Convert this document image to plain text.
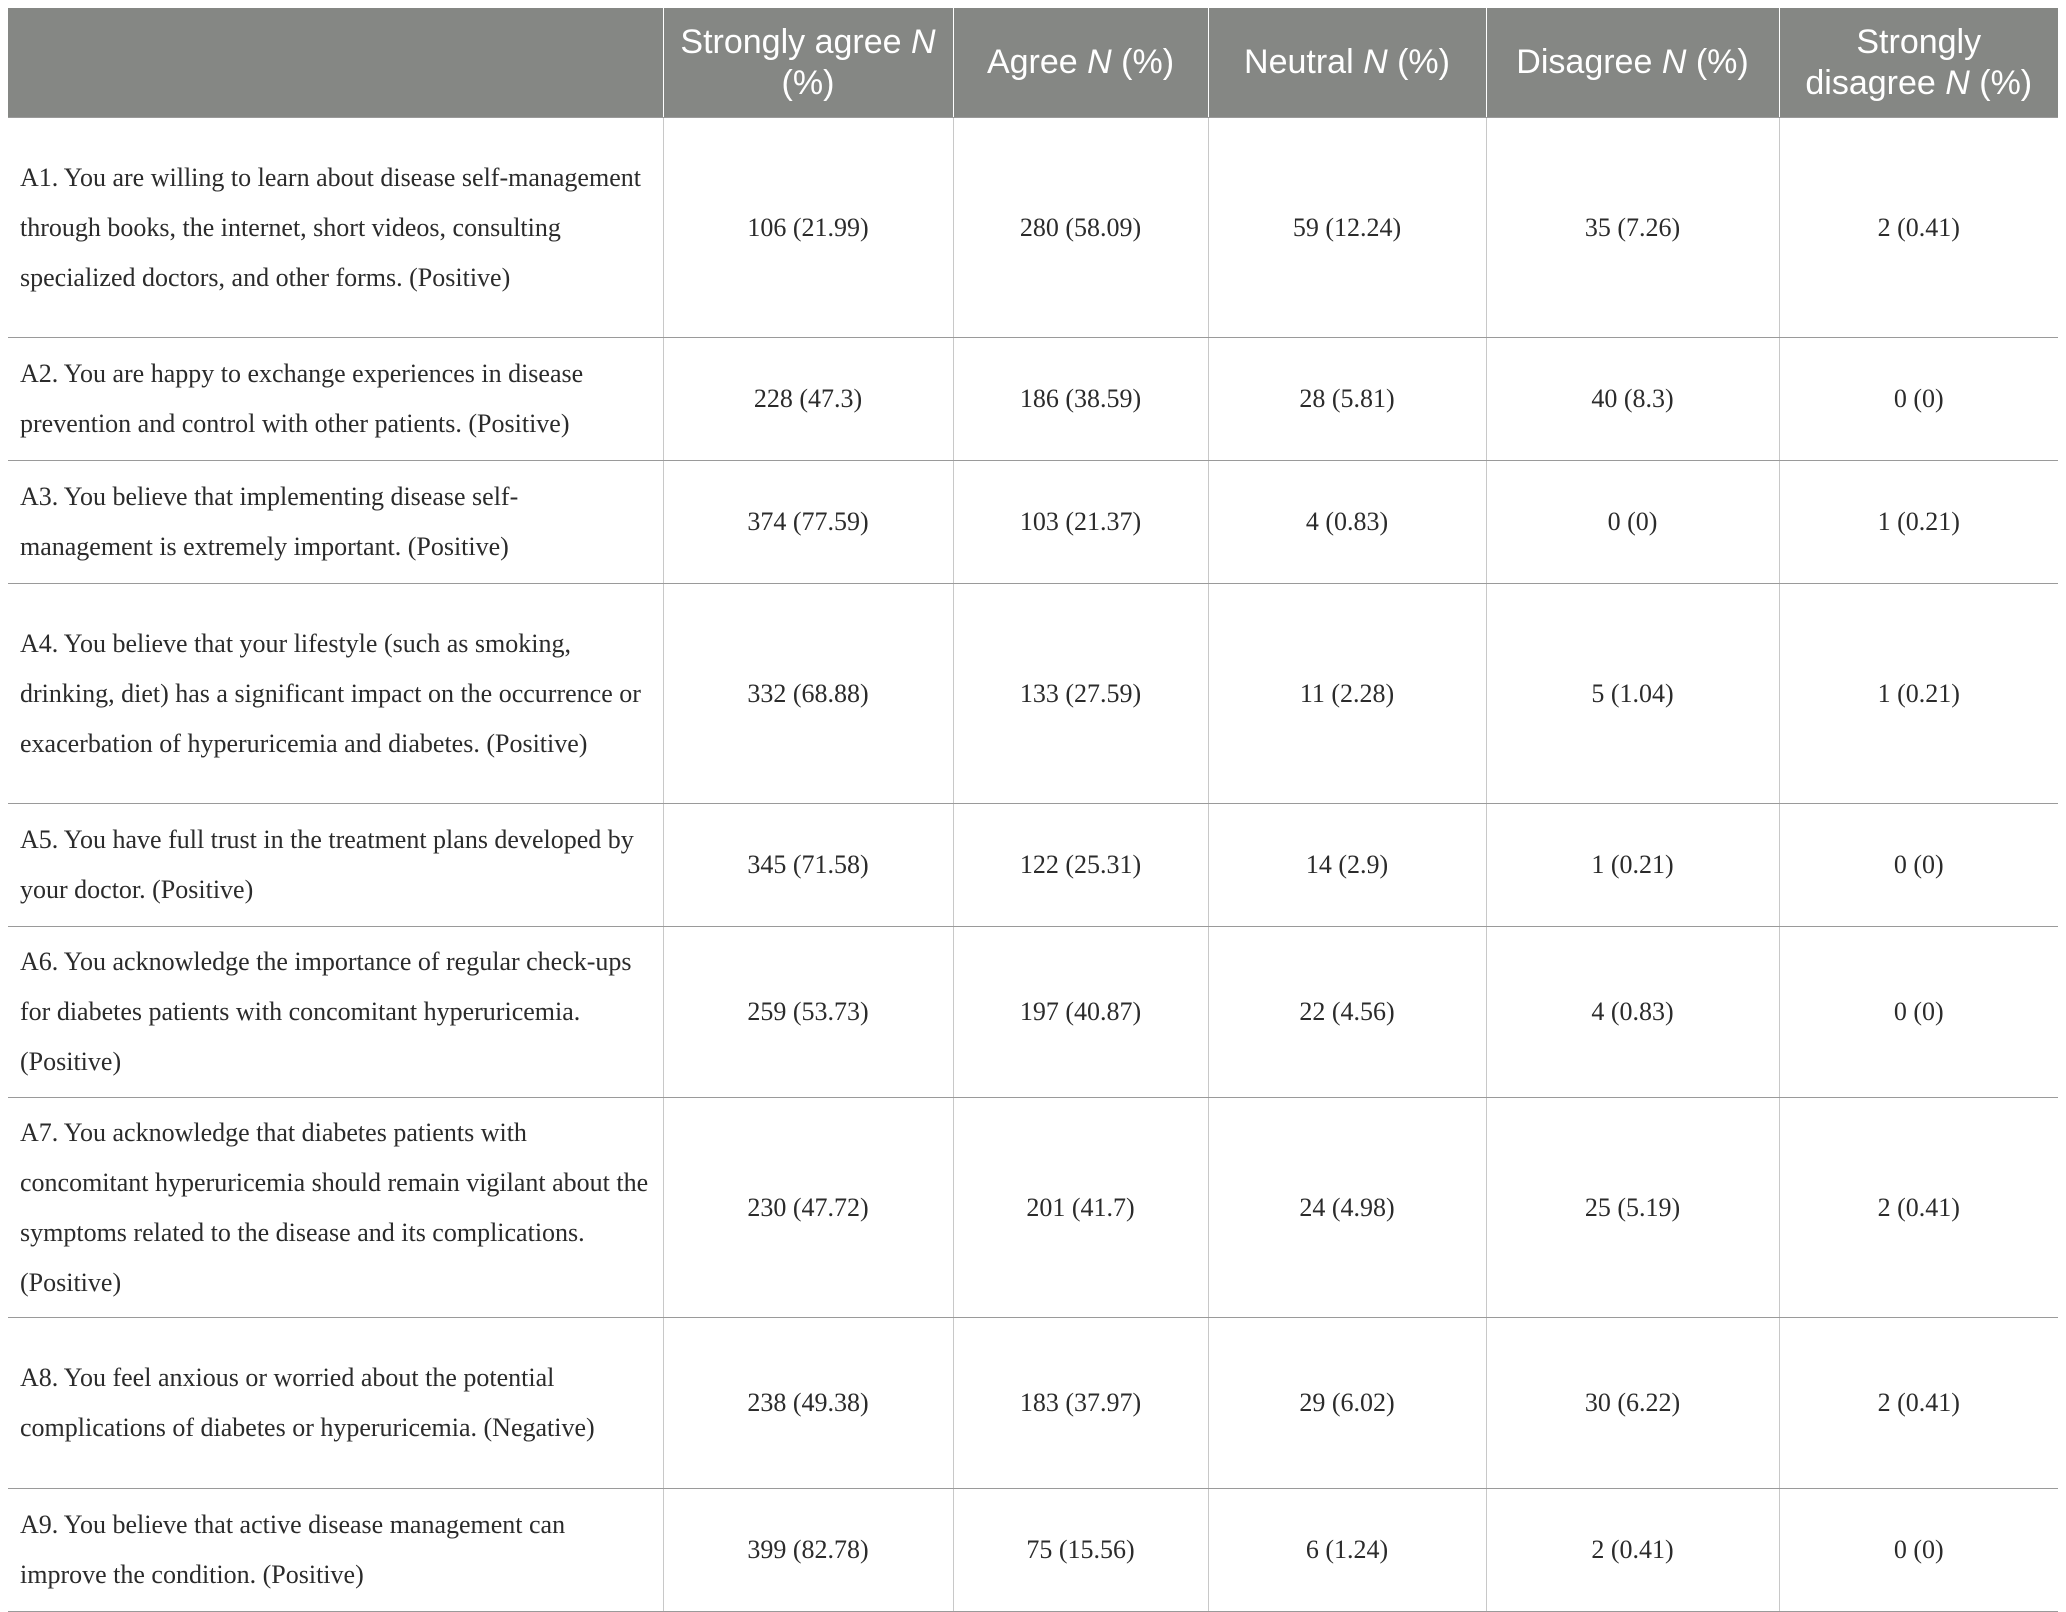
	Strongly agree N (%)	Agree N (%)	Neutral N (%)	Disagree N (%)	Strongly disagree N (%)
A1. You are willing to learn about disease self-management through books, the internet, short videos, consulting specialized doctors, and other forms. (Positive)	106 (21.99)	280 (58.09)	59 (12.24)	35 (7.26)	2 (0.41)
A2. You are happy to exchange experiences in disease prevention and control with other patients. (Positive)	228 (47.3)	186 (38.59)	28 (5.81)	40 (8.3)	0 (0)
A3. You believe that implementing disease self-management is extremely important. (Positive)	374 (77.59)	103 (21.37)	4 (0.83)	0 (0)	1 (0.21)
A4. You believe that your lifestyle (such as smoking, drinking, diet) has a significant impact on the occurrence or exacerbation of hyperuricemia and diabetes. (Positive)	332 (68.88)	133 (27.59)	11 (2.28)	5 (1.04)	1 (0.21)
A5. You have full trust in the treatment plans developed by your doctor. (Positive)	345 (71.58)	122 (25.31)	14 (2.9)	1 (0.21)	0 (0)
A6. You acknowledge the importance of regular check-ups for diabetes patients with concomitant hyperuricemia. (Positive)	259 (53.73)	197 (40.87)	22 (4.56)	4 (0.83)	0 (0)
A7. You acknowledge that diabetes patients with concomitant hyperuricemia should remain vigilant about the symptoms related to the disease and its complications. (Positive)	230 (47.72)	201 (41.7)	24 (4.98)	25 (5.19)	2 (0.41)
A8. You feel anxious or worried about the potential complications of diabetes or hyperuricemia. (Negative)	238 (49.38)	183 (37.97)	29 (6.02)	30 (6.22)	2 (0.41)
A9. You believe that active disease management can improve the condition. (Positive)	399 (82.78)	75 (15.56)	6 (1.24)	2 (0.41)	0 (0)
